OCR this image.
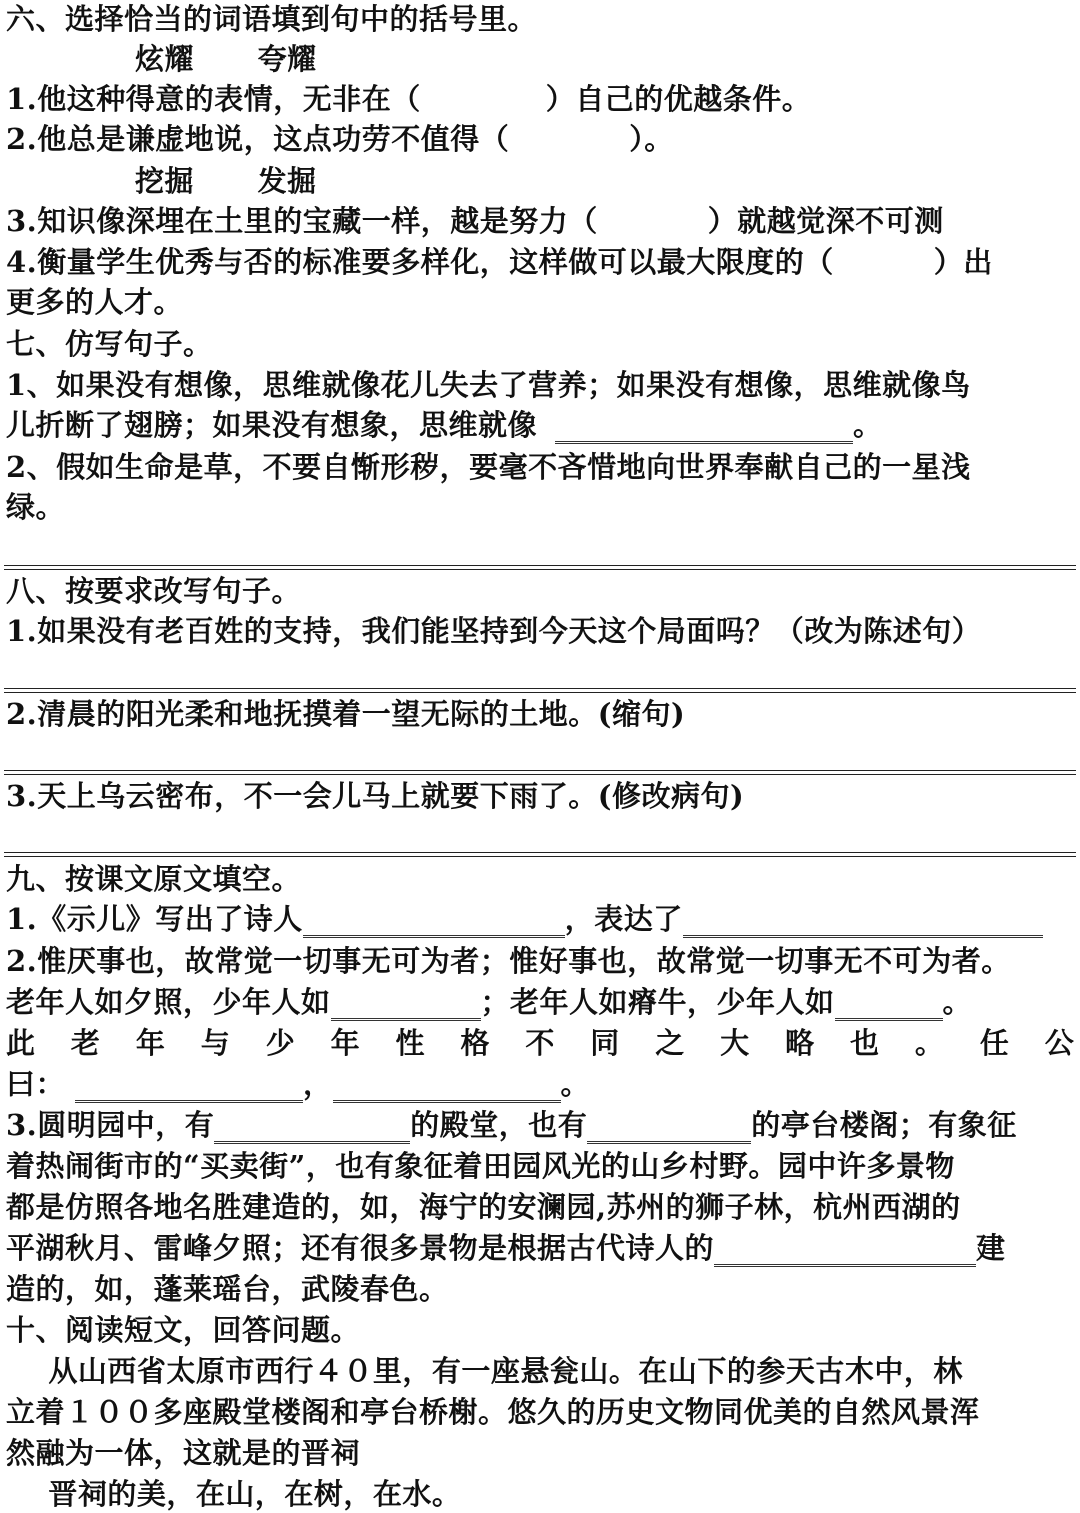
六、选择恰当的词语填到句中的括号里。
炫耀      夸耀
1.他这种得意的表情，无非在（	）自己的优越条件。
2.他总是谦虚地说，这点功劳不值得（	）。
挖掘      发掘
3.知识像深埋在土里的宝藏一样，越是努力（	）就越觉深不可测
4.衡量学生优秀与否的标准要多样化，这样做可以最大限度的（	）出
更多的人才。
七、仿写句子。
1、如果没有想像，思维就像花儿失去了营养；如果没有想像，思维就像鸟
儿折断了翅膀；如果没有想象，思维就像	。
2、假如生命是草，不要自惭形秽，要毫不吝惜地向世界奉献自己的一星浅
绿。
八、按要求改写句子。
1.如果没有老百姓的支持，我们能坚持到今天这个局面吗？（改为陈述句）
2.清晨的阳光柔和地抚摸着一望无际的土地。(缩句)
3.天上乌云密布，不一会儿马上就要下雨了。(修改病句)
九、按课文原文填空。
1.《示儿》写出了诗人	，表达了
2.惟厌事也，故常觉一切事无可为者；惟好事也，故常觉一切事无不可为者。
老年人如夕照，少年人如	；老年人如瘠牛，少年人如	。
此 老 年 与 少 年 性 格 不 同 之 大 略 也 。 任 公
曰：	，	。
3.圆明园中，有	的殿堂，也有	的亭台楼阁；有象征
着热闹街市的“买卖街”，也有象征着田园风光的山乡村野。园中许多景物
都是仿照各地名胜建造的，如，海宁的安澜园,苏州的狮子林，杭州西湖的
平湖秋月、雷峰夕照；还有很多景物是根据古代诗人的	建
造的，如，蓬莱瑶台，武陵春色。
十、阅读短文，回答问题。
从山西省太原市西行４０里，有一座悬瓮山。在山下的参天古木中，林
立着１００多座殿堂楼阁和亭台桥榭。悠久的历史文物同优美的自然风景浑
然融为一体，这就是的晋祠
晋祠的美，在山，在树，在水。
